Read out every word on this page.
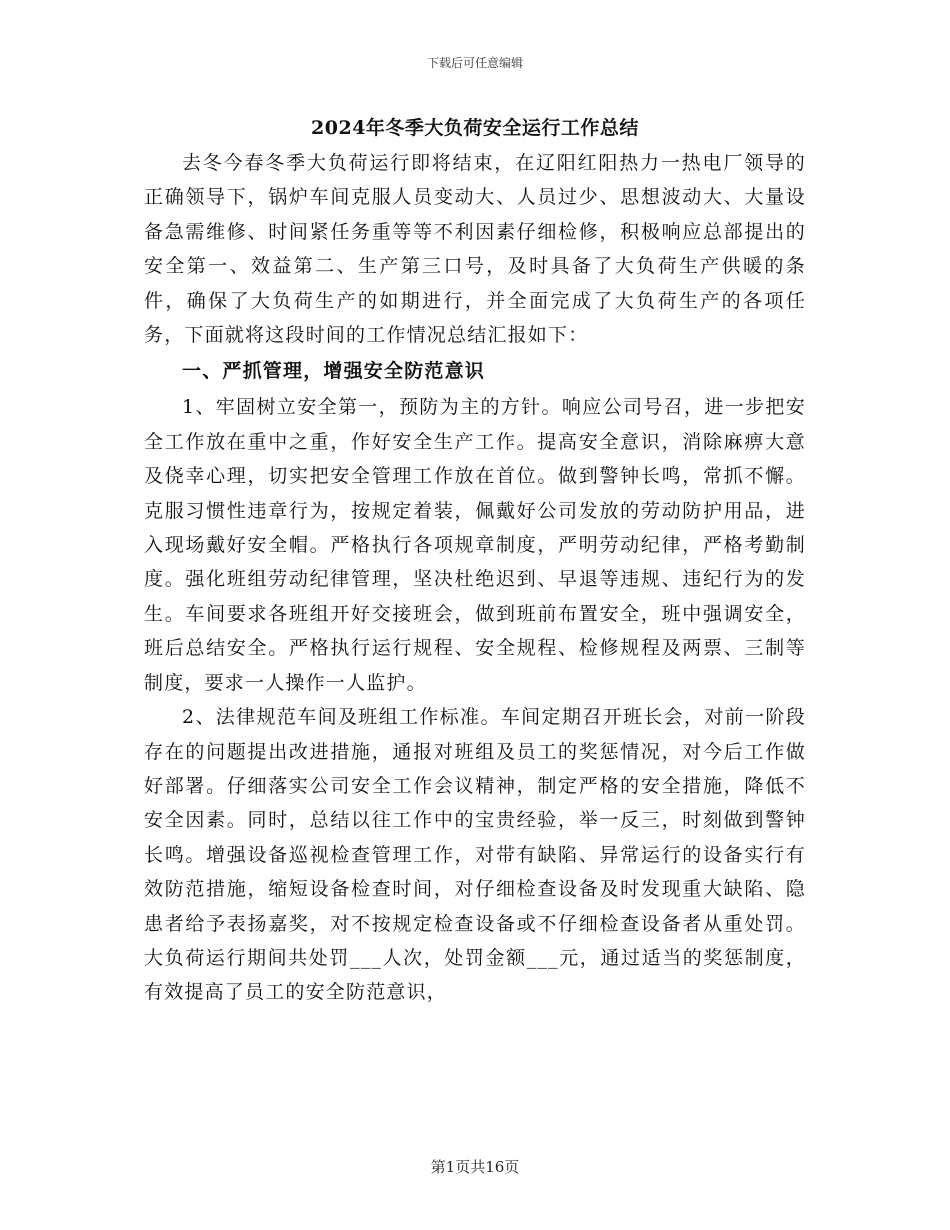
下载后可任意编辑
2024年冬季大负荷安全运行工作总结

去冬今春冬季大负荷运行即将结束，在辽阳红阳热力一热电厂领导的正确领导下，锅炉车间克服人员变动大、人员过少、思想波动大、大量设备急需维修、时间紧任务重等等不利因素仔细检修，积极响应总部提出的安全第一、效益第二、生产第三口号，及时具备了大负荷生产供暖的条件，确保了大负荷生产的如期进行，并全面完成了大负荷生产的各项任务，下面就将这段时间的工作情况总结汇报如下：

一、严抓管理，增强安全防范意识

1、牢固树立安全第一，预防为主的方针。响应公司号召，进一步把安全工作放在重中之重，作好安全生产工作。提高安全意识，消除麻痹大意及侥幸心理，切实把安全管理工作放在首位。做到警钟长鸣，常抓不懈。克服习惯性违章行为，按规定着装，佩戴好公司发放的劳动防护用品，进入现场戴好安全帽。严格执行各项规章制度，严明劳动纪律，严格考勤制度。强化班组劳动纪律管理，坚决杜绝迟到、早退等违规、违纪行为的发生。车间要求各班组开好交接班会，做到班前布置安全，班中强调安全，班后总结安全。严格执行运行规程、安全规程、检修规程及两票、三制等制度，要求一人操作一人监护。

2、法律规范车间及班组工作标准。车间定期召开班长会，对前一阶段存在的问题提出改进措施，通报对班组及员工的奖惩情况，对今后工作做好部署。仔细落实公司安全工作会议精神，制定严格的安全措施，降低不安全因素。同时，总结以往工作中的宝贵经验，举一反三，时刻做到警钟长鸣。增强设备巡视检查管理工作，对带有缺陷、异常运行的设备实行有效防范措施，缩短设备检查时间，对仔细检查设备及时发现重大缺陷、隐患者给予表扬嘉奖，对不按规定检查设备或不仔细检查设备者从重处罚。大负荷运行期间共处罚___人次，处罚金额___元，通过适当的奖惩制度，有效提高了员工的安全防范意识，

第1页共16页
